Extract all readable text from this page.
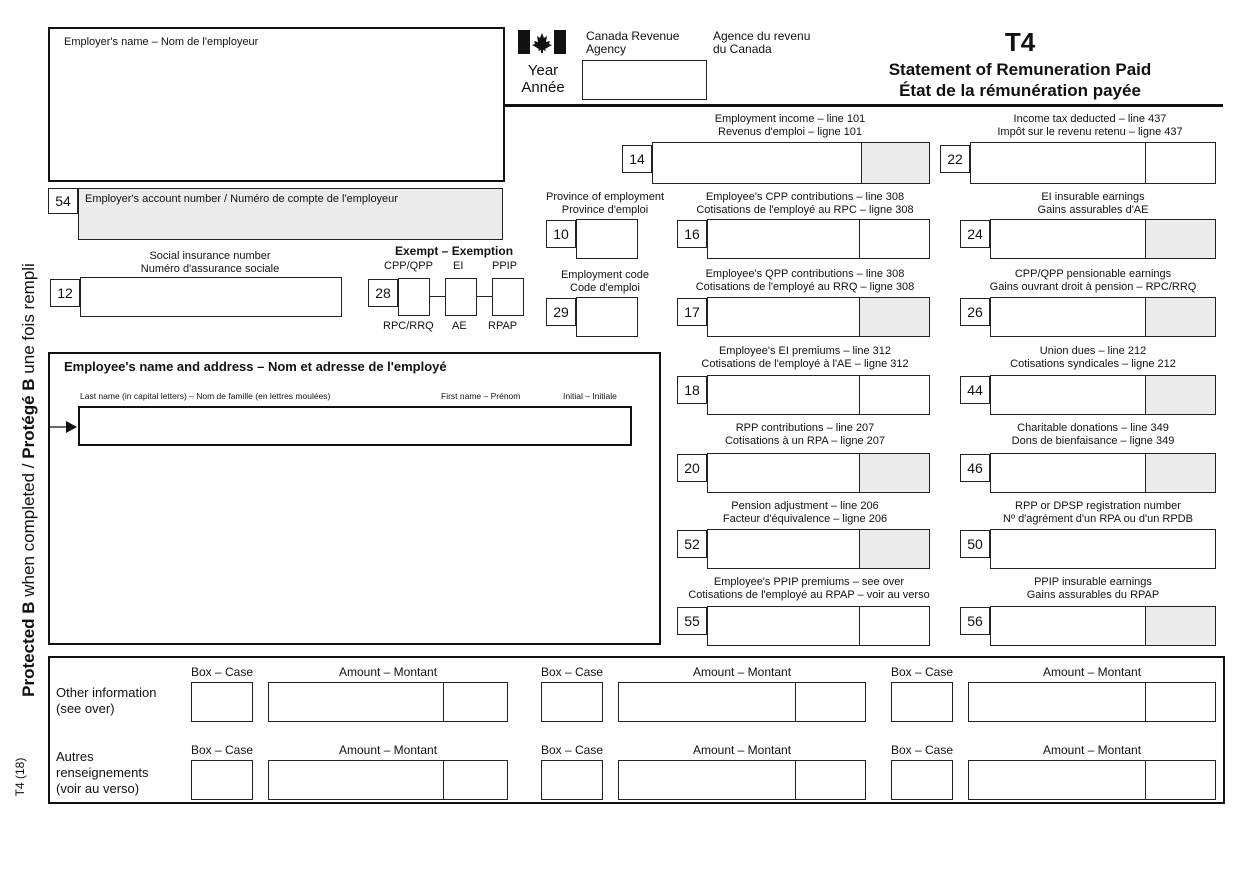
Protected B when completed / Protégé B une fois rempli
T4 (18)
Employer's name – Nom de l'employeur	Canada Revenue
Agency
Agence du revenu
du Canada
Year
Année
T4
Statement of Remuneration Paid
État de la rémunération payée
54	Employer's account number / Numéro de compte de l'employeur
Social insurance number
Numéro d'assurance sociale
12
Exempt – Exemption
CPP/QPP EI	PPIP
28
RPC/RRQ AE RPAP
Province of employment
Province d'emploi
10
Employment code
Code d'emploi
29
Employment income – line 101
Revenus d'emploi – ligne 101
14
Employee's CPP contributions – line 308
Cotisations de l'employé au RPC – ligne 308
16
Employee's QPP contributions – line 308
Cotisations de l'employé au RRQ – ligne 308
17
Employee's EI premiums – line 312
Cotisations de l'employé à l'AE – ligne 312
18
RPP contributions – line 207
Cotisations à un RPA – ligne 207
20
Pension adjustment – line 206
Facteur d'équivalence – ligne 206
52
Employee's PPIP premiums – see over
Cotisations de l'employé au RPAP – voir au verso
55
Income tax deducted – line 437
Impôt sur le revenu retenu – ligne 437
22
EI insurable earnings
Gains assurables d'AE
24
CPP/QPP pensionable earnings
Gains ouvrant droit à pension – RPC/RRQ
26
Union dues – line 212
Cotisations syndicales – ligne 212
44
Charitable donations – line 349
Dons de bienfaisance – ligne 349
46
RPP or DPSP registration number
Nº d'agrément d'un RPA ou d'un RPDB
50
PPIP insurable earnings
Gains assurables du RPAP
56
Employee's name and address – Nom et adresse de l'employé
Last name (in capital letters) – Nom de famille (en lettres moulées)	First name – Prénom	Initial – Initiale
Other information
(see over)
Autres
renseignements
(voir au verso)
Box – Case	Amount – Montant	Box – Case	Amount – Montant	Box – Case	Amount – Montant
Box – Case	Amount – Montant	Box – Case	Amount – Montant	Box – Case	Amount – Montant
